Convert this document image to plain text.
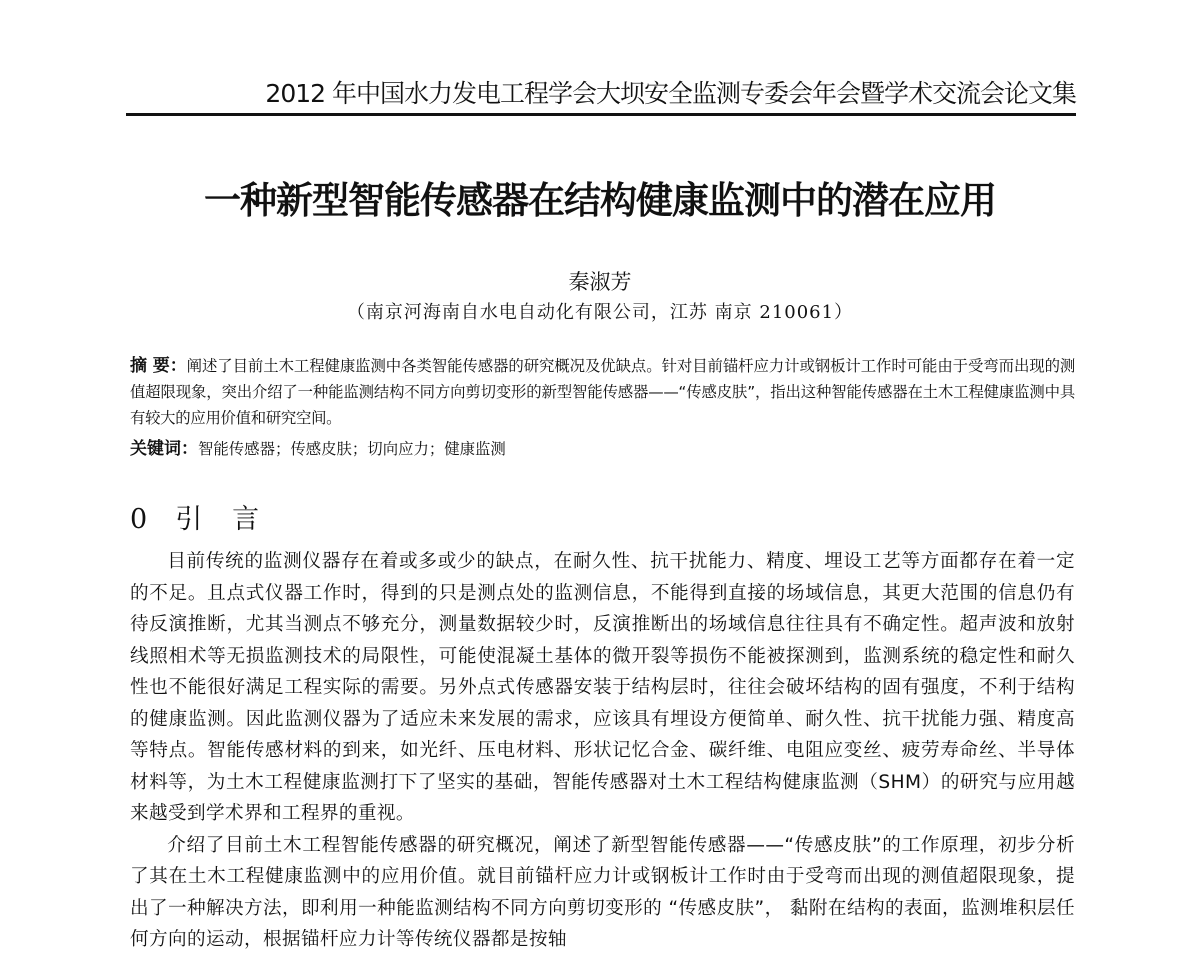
2012 年中国水力发电工程学会大坝安全监测专委会年会暨学术交流会论文集
一种新型智能传感器在结构健康监测中的潜在应用
秦淑芳
（南京河海南自水电自动化有限公司，江苏 南京 210061）
摘 要：阐述了目前土木工程健康监测中各类智能传感器的研究概况及优缺点。针对目前锚杆应力计或钢板计工作时可能由于受弯而出现的测值超限现象，突出介绍了一种能监测结构不同方向剪切变形的新型智能传感器——“传感皮肤”，指出这种智能传感器在土木工程健康监测中具有较大的应用价值和研究空间。
关键词：智能传感器；传感皮肤；切向应力；健康监测
0 引言

目前传统的监测仪器存在着或多或少的缺点，在耐久性、抗干扰能力、精度、埋设工艺等方面都存在着一定的不足。且点式仪器工作时，得到的只是测点处的监测信息，不能得到直接的场域信息，其更大范围的信息仍有待反演推断，尤其当测点不够充分，测量数据较少时，反演推断出的场域信息往往具有不确定性。超声波和放射线照相术等无损监测技术的局限性，可能使混凝土基体的微开裂等损伤不能被探测到，监测系统的稳定性和耐久性也不能很好满足工程实际的需要。另外点式传感器安装于结构层时，往往会破坏结构的固有强度，不利于结构的健康监测。因此监测仪器为了适应未来发展的需求，应该具有埋设方便简单、耐久性、抗干扰能力强、精度高等特点。智能传感材料的到来，如光纤、压电材料、形状记忆合金、碳纤维、电阻应变丝、疲劳寿命丝、半导体材料等，为土木工程健康监测打下了坚实的基础，智能传感器对土木工程结构健康监测（SHM）的研究与应用越来越受到学术界和工程界的重视。

介绍了目前土木工程智能传感器的研究概况，阐述了新型智能传感器——“传感皮肤”的工作原理，初步分析了其在土木工程健康监测中的应用价值。就目前锚杆应力计或钢板计工作时由于受弯而出现的测值超限现象，提出了一种解决方法，即利用一种能监测结构不同方向剪切变形的 “传感皮肤”， 黏附在结构的表面，监测堆积层任何方向的运动，根据锚杆应力计等传统仪器都是按轴
